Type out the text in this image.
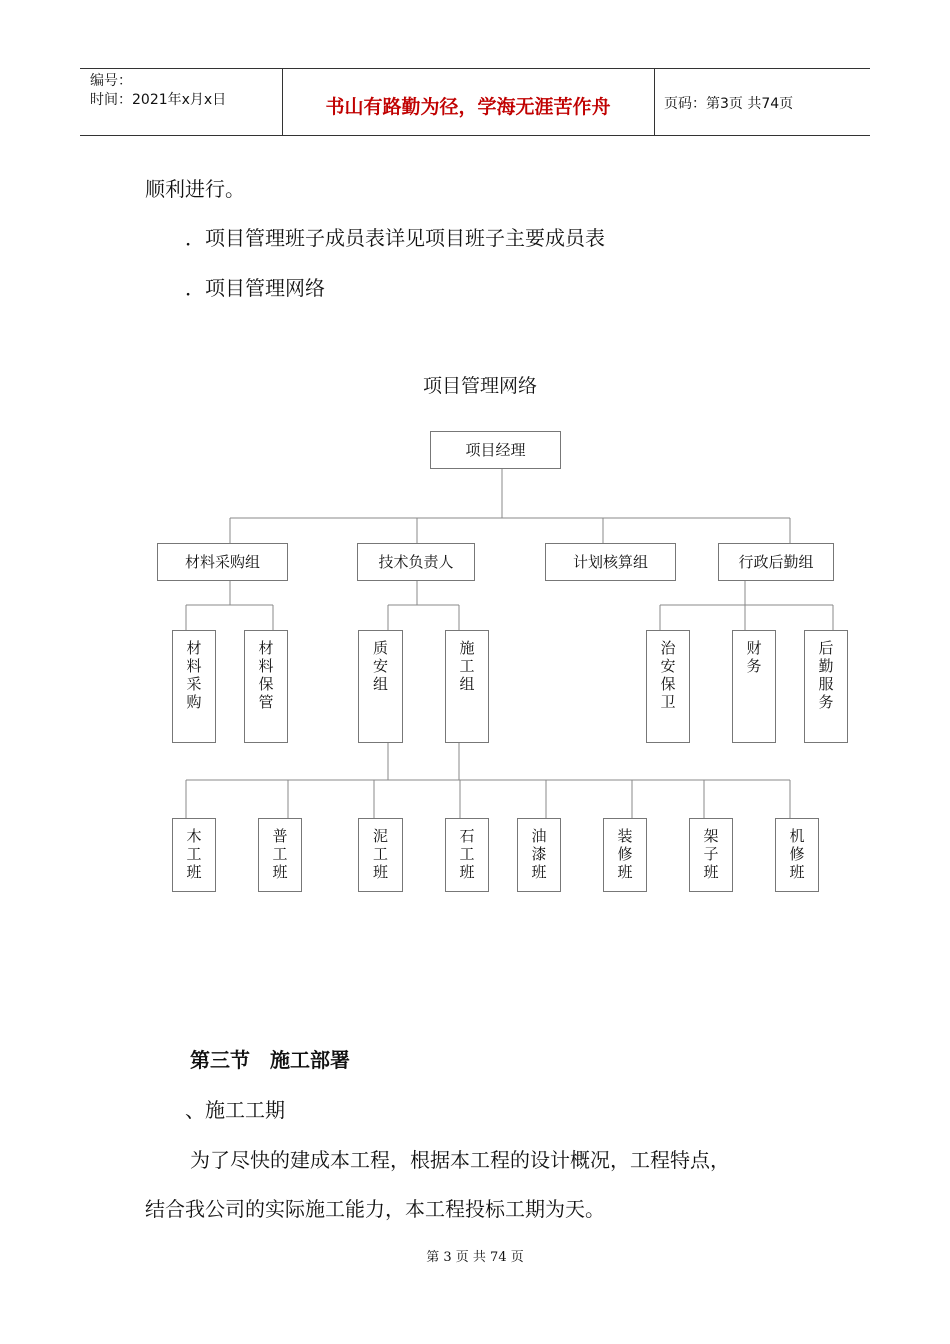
编号：
时间：2021年x月x日	书山有路勤为径，学海无涯苦作舟	页码：第3页 共74页
顺利进行。
．项目管理班子成员表详见项目班子主要成员表
．项目管理网络
项目管理网络
项目经理
材料采购组	技术负责人	计划核算组	行政后勤组
材料采购
材料保管
质安组
施工组
治安保卫
财务
后勤服务
木工班
普工班
泥工班
石工班
油漆班
装修班
架子班
机修班
第三节　施工部署
、施工工期
为了尽快的建成本工程，根据本工程的设计概况，工程特点，
结合我公司的实际施工能力，本工程投标工期为天。
第 3 页 共 74 页
